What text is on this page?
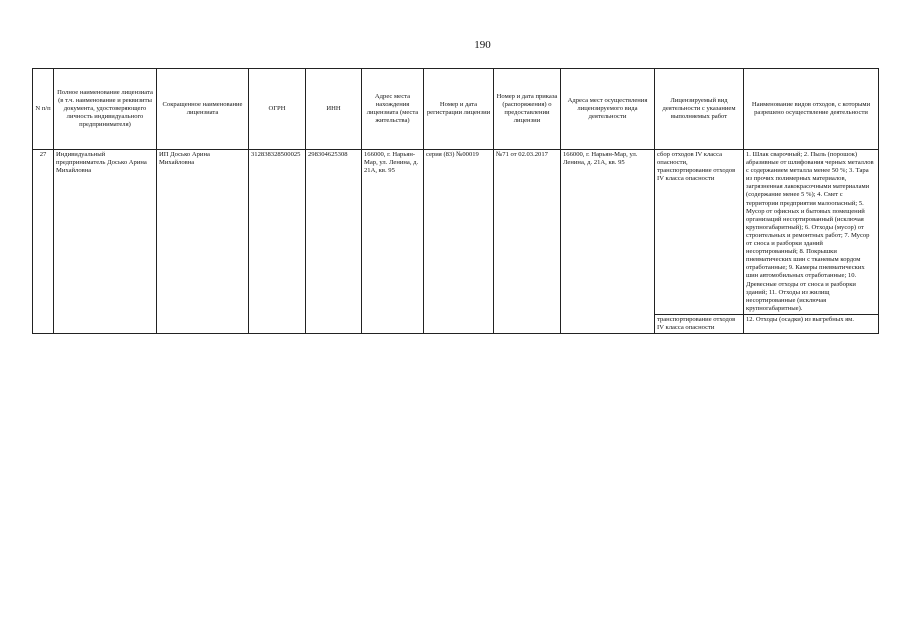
190
N п/п	Полное наименование лицензиата (в т.ч. наименование и реквизиты документа, удостоверяющего личность индивидуального предпринимателя)	Сокращенное наименование лицензиата	ОГРН	ИНН	Адрес места нахождения лицензиата (места жительства)	Номер и дата регистрации лицензии	Номер и дата приказа (распоряжения) о предоставлении лицензии	Адреса мест осуществления лицензируемого вида деятельности	Лицензируемый вид деятельности с указанием выполняемых работ	Наименование видов отходов, с которыми разрешено осуществление деятельности
27	Индивидуальный предприниматель Досько Арина Михайловна	ИП Досько Арина Михайловна	312838328500025	298304625308	166000, г. Нарьян-Мар, ул. Ленина, д. 21А, кв. 95	серия (83) №00019	№71 от 02.03.2017	166000, г. Нарьян-Мар, ул. Ленина, д. 21А, кв. 95	сбор отходов IV класса опасности, транспортирование отходов IV класса опасности	1. Шлак сварочный; 2. Пыль (порошок) абразивные от шлифования черных металлов с содержанием металла менее 50 %; 3. Тара из прочих полимерных материалов, загрязненная лакокрасочными материалами (содержание менее 5 %); 4. Смет с территории предприятия малоопасный; 5. Мусор от офисных и бытовых помещений организаций несортированный (исключая крупногабаритный); 6. Отходы (мусор) от строительных и ремонтных работ; 7. Мусор от сноса и разборки зданий несортированный; 8. Покрышки пневматических шин с тканевым кордом отработанные; 9. Камеры пневматических шин автомобильных отработанные; 10. Древесные отходы от сноса и разборки зданий; 11. Отходы из жилищ несортированные (исключая крупногабаритные).
									транспортирование отходов IV класса опасности	12. Отходы (осадки) из выгребных ям.
